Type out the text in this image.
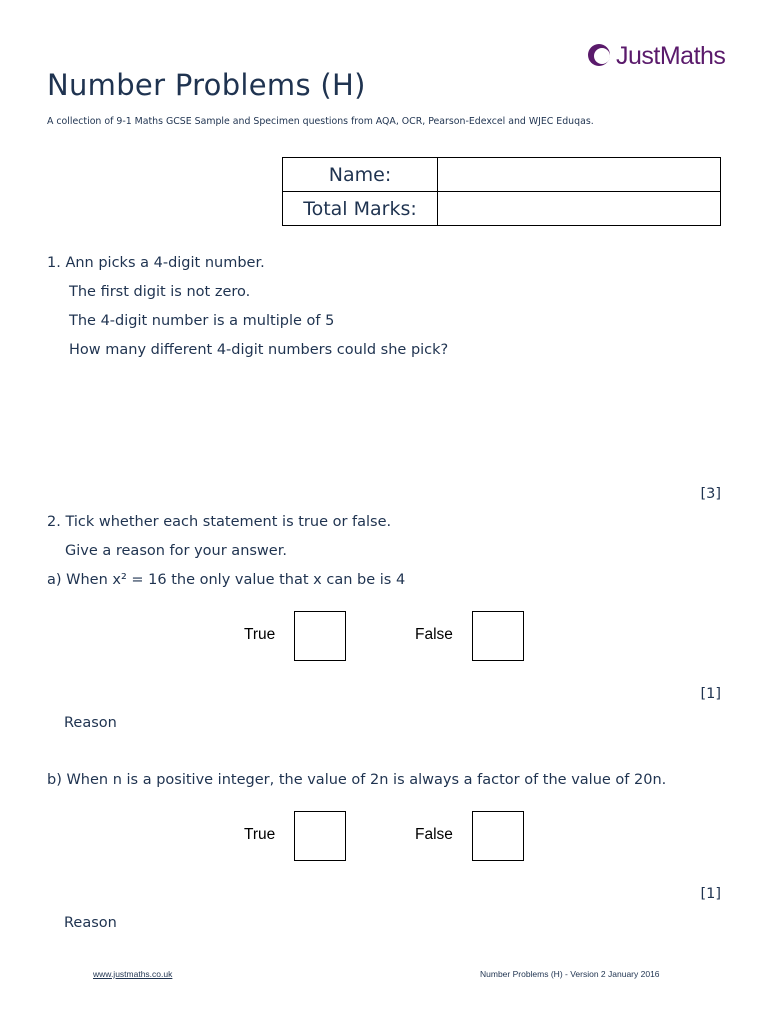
JustMaths
Number Problems (H)
A collection of 9-1 Maths GCSE Sample and Specimen questions from AQA, OCR, Pearson-Edexcel and WJEC Eduqas.
Name:	
Total Marks:	
1. Ann picks a 4-digit number.
The first digit is not zero.
The 4-digit number is a multiple of 5
How many different 4-digit numbers could she pick?
[3]
2. Tick whether each statement is true or false.
Give a reason for your answer.
a) When x² = 16 the only value that x can be is 4
True	False
[1]
Reason
b) When n is a positive integer, the value of 2n is always a factor of the value of 20n.
True	False
[1]
Reason
www.justmaths.co.uk	Number Problems (H) - Version 2 January 2016
